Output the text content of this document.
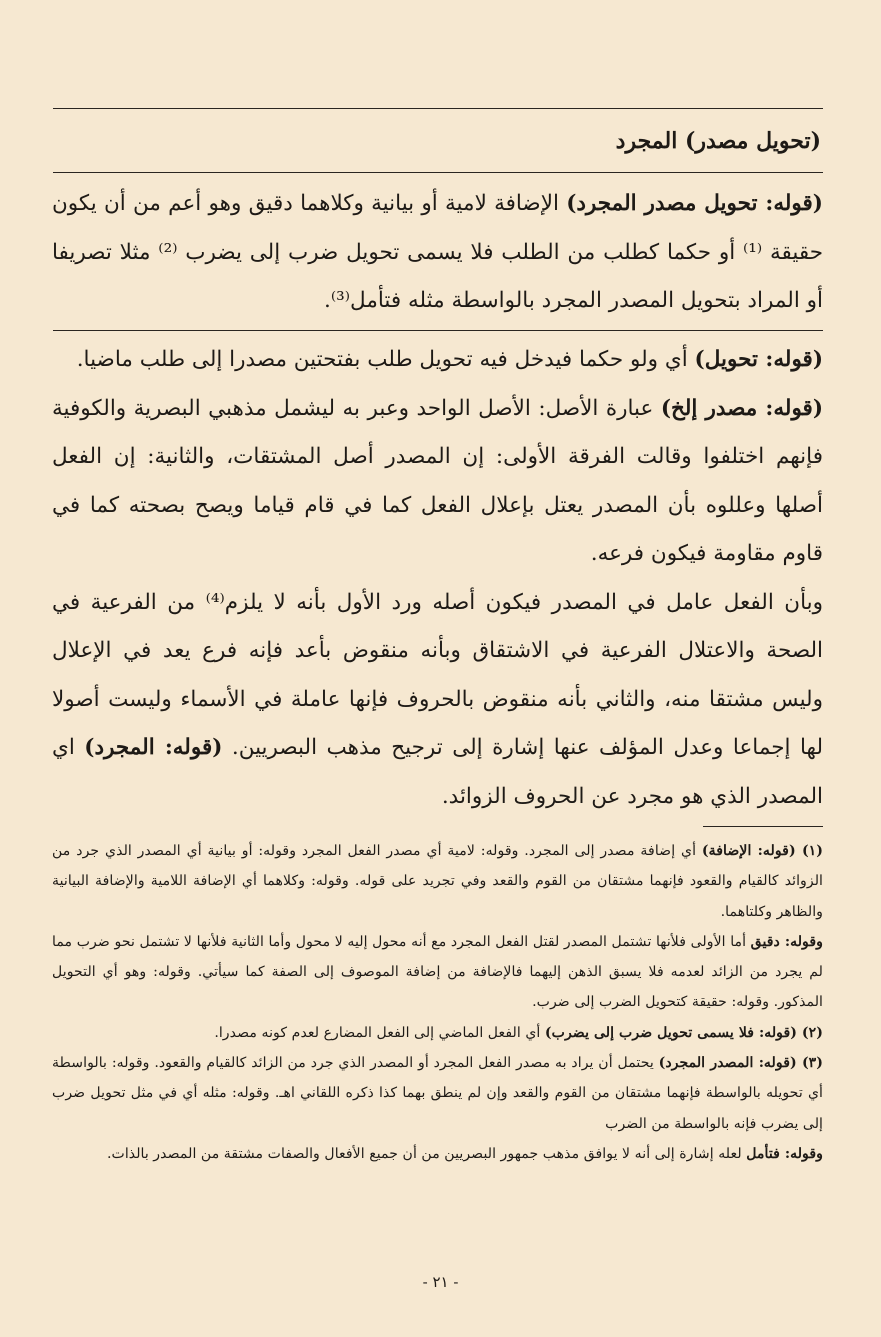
(تحويل مصدر) المجرد

(قوله: تحويل مصدر المجرد) الإضافة لامية أو بيانية وكلاهما دقيق وهو أعم من أن يكون حقيقة ⁽¹⁾ أو حكما كطلب من الطلب فلا يسمى تحويل ضرب إلى يضرب ⁽²⁾ مثلا تصريفا أو المراد بتحويل المصدر المجرد بالواسطة مثله فتأمل⁽³⁾.

(قوله: تحويل) أي ولو حكما فيدخل فيه تحويل طلب بفتحتين مصدرا إلى طلب ماضيا.

(قوله: مصدر إلخ) عبارة الأصل: الأصل الواحد وعبر به ليشمل مذهبي البصرية والكوفية فإنهم اختلفوا وقالت الفرقة الأولى: إن المصدر أصل المشتقات، والثانية: إن الفعل أصلها وعللوه بأن المصدر يعتل بإعلال الفعل كما في قام قياما ويصح بصحته كما في قاوم مقاومة فيكون فرعه.

وبأن الفعل عامل في المصدر فيكون أصله ورد الأول بأنه لا يلزم⁽⁴⁾ من الفرعية في الصحة والاعتلال الفرعية في الاشتقاق وبأنه منقوض بأعد فإنه فرع يعد في الإعلال وليس مشتقا منه، والثاني بأنه منقوض بالحروف فإنها عاملة في الأسماء وليست أصولا لها إجماعا وعدل المؤلف عنها إشارة إلى ترجيح مذهب البصريين. (قوله: المجرد) اي المصدر الذي هو مجرد عن الحروف الزوائد.

(١) (قوله: الإضافة) أي إضافة مصدر إلى المجرد. وقوله: لامية أي مصدر الفعل المجرد وقوله: أو بيانية أي المصدر الذي جرد من الزوائد كالقيام والقعود فإنهما مشتقان من القوم والقعد وفي تجريد على قوله. وقوله: وكلاهما أي الإضافة اللامية والإضافة البيانية والظاهر وكلتاهما.

وقوله: دقيق أما الأولى فلأنها تشتمل المصدر لقتل الفعل المجرد مع أنه محول إليه لا محول وأما الثانية فلأنها لا تشتمل نحو ضرب مما لم يجرد من الزائد لعدمه فلا يسبق الذهن إليهما فالإضافة من إضافة الموصوف إلى الصفة كما سيأتي. وقوله: وهو أي التحويل المذكور. وقوله: حقيقة كتحويل الضرب إلى ضرب.

(٢) (قوله: فلا يسمى تحويل ضرب إلى يضرب) أي الفعل الماضي إلى الفعل المضارع لعدم كونه مصدرا.

(٣) (قوله: المصدر المجرد) يحتمل أن يراد به مصدر الفعل المجرد أو المصدر الذي جرد من الزائد كالقيام والقعود. وقوله: بالواسطة أي تحويله بالواسطة فإنهما مشتقان من القوم والقعد وإن لم ينطق بهما كذا ذكره اللقاني اهـ. وقوله: مثله أي في مثل تحويل ضرب إلى يضرب فإنه بالواسطة من الضرب

وقوله: فتأمل لعله إشارة إلى أنه لا يوافق مذهب جمهور البصريين من أن جميع الأفعال والصفات مشتقة من المصدر بالذات.

- ٢١ -
